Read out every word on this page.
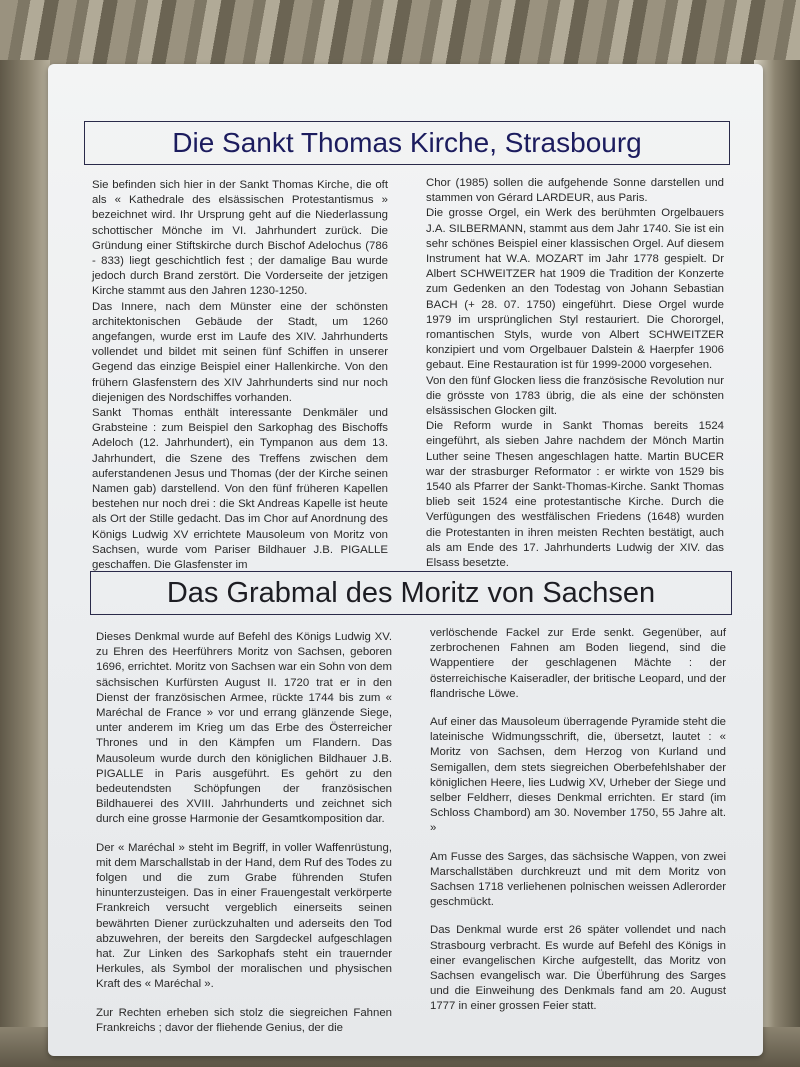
Die Sankt Thomas Kirche, Strasbourg

Sie befinden sich hier in der Sankt Thomas Kirche, die oft als « Kathedrale des elsässischen Protestantismus » bezeichnet wird. Ihr Ursprung geht auf die Niederlassung schottischer Mönche im VI. Jahrhundert zurück. Die Gründung einer Stiftskirche durch Bischof Adelochus (786 - 833) liegt geschichtlich fest ; der damalige Bau wurde jedoch durch Brand zerstört. Die Vorderseite der jetzigen Kirche stammt aus den Jahren 1230-1250.

Das Innere, nach dem Münster eine der schönsten architektonischen Gebäude der Stadt, um 1260 angefangen, wurde erst im Laufe des XIV. Jahrhunderts vollendet und bildet mit seinen fünf Schiffen in unserer Gegend das einzige Beispiel einer Hallenkirche. Von den frühern Glasfenstern des XIV Jahrhunderts sind nur noch diejenigen des Nordschiffes vorhanden.

Sankt Thomas enthält interessante Denkmäler und Grabsteine : zum Beispiel den Sarkophag des Bischoffs Adeloch (12. Jahrhundert), ein Tympanon aus dem 13. Jahrhundert, die Szene des Treffens zwischen dem auferstandenen Jesus und Thomas (der der Kirche seinen Namen gab) darstellend. Von den fünf früheren Kapellen bestehen nur noch drei : die Skt Andreas Kapelle ist heute als Ort der Stille gedacht. Das im Chor auf Anordnung des Königs Ludwig XV errichtete Mausoleum von Moritz von Sachsen, wurde vom Pariser Bildhauer J.B. PIGALLE geschaffen. Die Glasfenster im

Chor (1985) sollen die aufgehende Sonne darstellen und stammen von Gérard LARDEUR, aus Paris.

Die grosse Orgel, ein Werk des berühmten Orgelbauers J.A. SILBERMANN, stammt aus dem Jahr 1740. Sie ist ein sehr schönes Beispiel einer klassischen Orgel. Auf diesem Instrument hat W.A. MOZART im Jahr 1778 gespielt. Dr Albert SCHWEITZER hat 1909 die Tradition der Konzerte zum Gedenken an den Todestag von Johann Sebastian BACH (+ 28. 07. 1750) eingeführt. Diese Orgel wurde 1979 im ursprünglichen Styl restauriert. Die Chororgel, romantischen Styls, wurde von Albert SCHWEITZER konzipiert und vom Orgelbauer Dalstein & Haerpfer 1906 gebaut. Eine Restauration ist für 1999-2000 vorgesehen.

Von den fünf Glocken liess die französische Revolution nur die grösste von 1783 übrig, die als eine der schönsten elsässischen Glocken gilt.

Die Reform wurde in Sankt Thomas bereits 1524 eingeführt, als sieben Jahre nachdem der Mönch Martin Luther seine Thesen angeschlagen hatte. Martin BUCER war der strasburger Reformator : er wirkte von 1529 bis 1540 als Pfarrer der Sankt-Thomas-Kirche. Sankt Thomas blieb seit 1524 eine protestantische Kirche. Durch die Verfügungen des westfälischen Friedens (1648) wurden die Protestanten in ihren meisten Rechten bestätigt, auch als am Ende des 17. Jahrhunderts Ludwig der XIV. das Elsass besetzte.

Das Grabmal des Moritz von Sachsen

Dieses Denkmal wurde auf Befehl des Königs Ludwig XV. zu Ehren des Heerführers Moritz von Sachsen, geboren 1696, errichtet. Moritz von Sachsen war ein Sohn von dem sächsischen Kurfürsten August II. 1720 trat er in den Dienst der französischen Armee, rückte 1744 bis zum « Maréchal de France » vor und errang glänzende Siege, unter anderem im Krieg um das Erbe des Österreicher Thrones und in den Kämpfen um Flandern. Das Mausoleum wurde durch den königlichen Bildhauer J.B. PIGALLE in Paris ausgeführt. Es gehört zu den bedeutendsten Schöpfungen der französischen Bildhauerei des XVIII. Jahrhunderts und zeichnet sich durch eine grosse Harmonie der Gesamtkomposition dar.

Der « Maréchal » steht im Begriff, in voller Waffenrüstung, mit dem Marschallstab in der Hand, dem Ruf des Todes zu folgen und die zum Grabe führenden Stufen hinunterzusteigen. Das in einer Frauengestalt verkörperte Frankreich versucht vergeblich einerseits seinen bewährten Diener zurückzuhalten und aderseits den Tod abzuwehren, der bereits den Sargdeckel aufgeschlagen hat. Zur Linken des Sarkophafs steht ein trauernder Herkules, als Symbol der moralischen und physischen Kraft des « Maréchal ».

Zur Rechten erheben sich stolz die siegreichen Fahnen Frankreichs ; davor der fliehende Genius, der die

verlöschende Fackel zur Erde senkt. Gegenüber, auf zerbrochenen Fahnen am Boden liegend, sind die Wappentiere der geschlagenen Mächte : der österreichische Kaiseradler, der britische Leopard, und der flandrische Löwe.

Auf einer das Mausoleum überragende Pyramide steht die lateinische Widmungsschrift, die, übersetzt, lautet : « Moritz von Sachsen, dem Herzog von Kurland und Semigallen, dem stets siegreichen Oberbefehlshaber der königlichen Heere, lies Ludwig XV, Urheber der Siege und selber Feldherr, dieses Denkmal errichten. Er stard (im Schloss Chambord) am 30. November 1750, 55 Jahre alt. »

Am Fusse des Sarges, das sächsische Wappen, von zwei Marschallstäben durchkreuzt und mit dem Moritz von Sachsen 1718 verliehenen polnischen weissen Adlerorder geschmückt.

Das Denkmal wurde erst 26 später vollendet und nach Strasbourg verbracht. Es wurde auf Befehl des Königs in einer evangelischen Kirche aufgestellt, das Moritz von Sachsen evangelisch war. Die Überführung des Sarges und die Einweihung des Denkmals fand am 20. August 1777 in einer grossen Feier statt.
